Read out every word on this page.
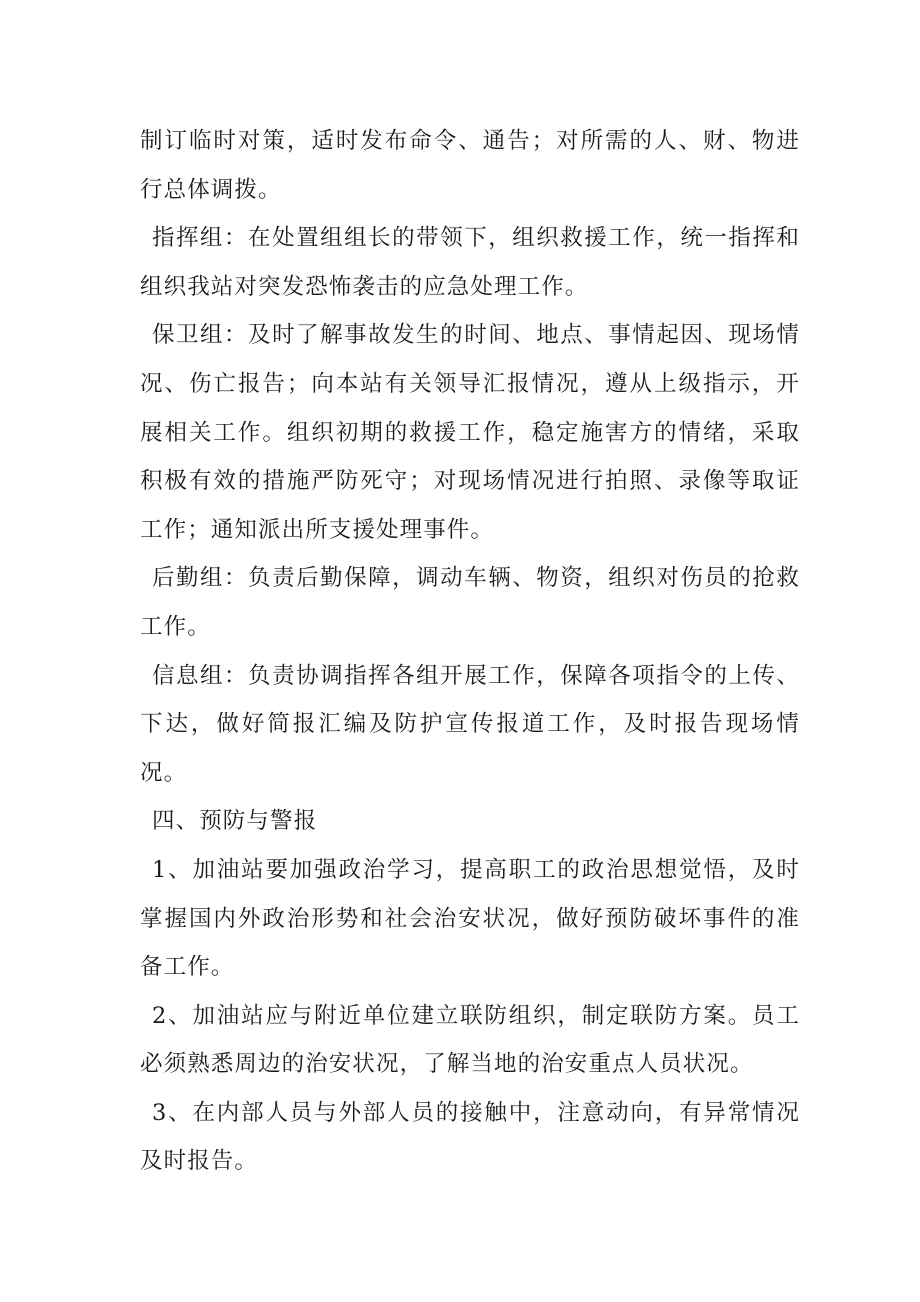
制订临时对策，适时发布命令、通告；对所需的人、财、物进行总体调拨。

指挥组：在处置组组长的带领下，组织救援工作，统一指挥和组织我站对突发恐怖袭击的应急处理工作。

保卫组：及时了解事故发生的时间、地点、事情起因、现场情况、伤亡报告；向本站有关领导汇报情况，遵从上级指示，开展相关工作。组织初期的救援工作，稳定施害方的情绪，采取积极有效的措施严防死守；对现场情况进行拍照、录像等取证工作；通知派出所支援处理事件。

后勤组：负责后勤保障，调动车辆、物资，组织对伤员的抢救工作。

信息组：负责协调指挥各组开展工作，保障各项指令的上传、下达，做好简报汇编及防护宣传报道工作，及时报告现场情况。

四、预防与警报

1、加油站要加强政治学习，提高职工的政治思想觉悟，及时掌握国内外政治形势和社会治安状况，做好预防破坏事件的准备工作。

2、加油站应与附近单位建立联防组织，制定联防方案。员工必须熟悉周边的治安状况，了解当地的治安重点人员状况。

3、在内部人员与外部人员的接触中，注意动向，有异常情况及时报告。
